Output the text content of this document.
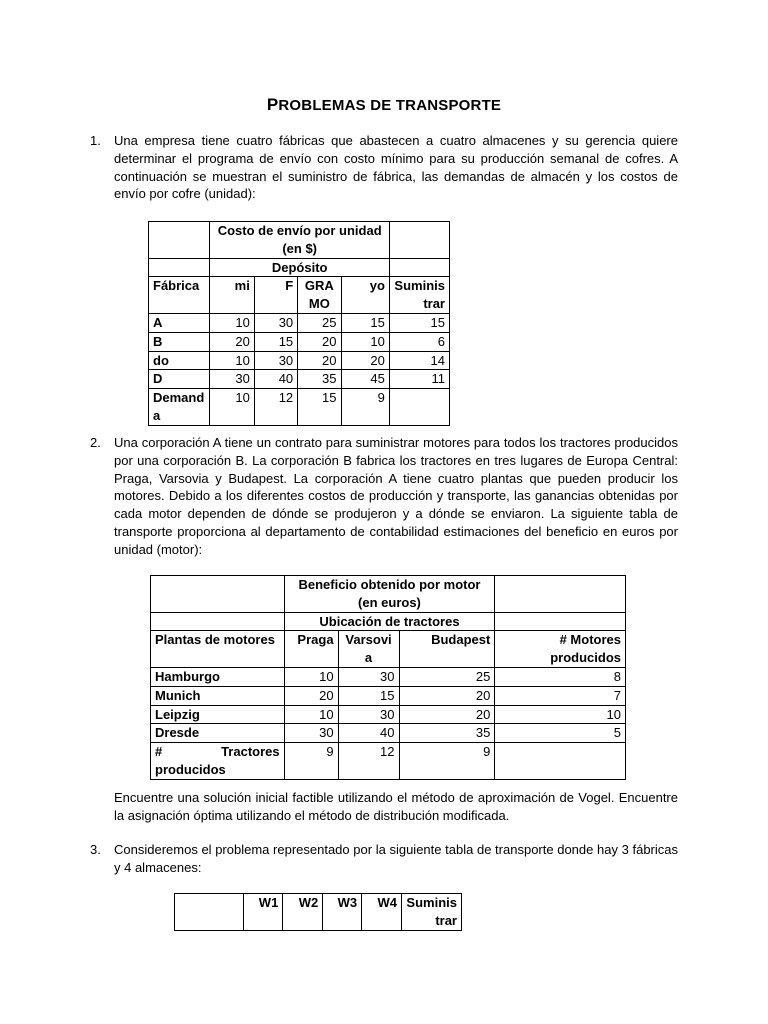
PROBLEMAS DE TRANSPORTE
1. Una empresa tiene cuatro fábricas que abastecen a cuatro almacenes y su gerencia quiere determinar el programa de envío con costo mínimo para su producción semanal de cofres. A continuación se muestran el suministro de fábrica, las demandas de almacén y los costos de envío por cofre (unidad):
	Costo de envío por unidad (en $)				
	Depósito				
Fábrica	mi	F	GRA MO	yo	Suminis trar
A	10	30	25	15	15
B	20	15	20	10	6
do	10	30	20	20	14
D	30	40	35	45	11
Demand a	10	12	15	9	
2. Una corporación A tiene un contrato para suministrar motores para todos los tractores producidos por una corporación B. La corporación B fabrica los tractores en tres lugares de Europa Central: Praga, Varsovia y Budapest. La corporación A tiene cuatro plantas que pueden producir los motores. Debido a los diferentes costos de producción y transporte, las ganancias obtenidas por cada motor dependen de dónde se produjeron y a dónde se enviaron. La siguiente tabla de transporte proporciona al departamento de contabilidad estimaciones del beneficio en euros por unidad (motor):
	Beneficio obtenido por motor (en euros)			
	Ubicación de tractores			
Plantas de motores	Praga	Varsovi a	Budapest	# Motores producidos
Hamburgo	10	30	25	8
Munich	20	15	20	7
Leipzig	10	30	20	10
Dresde	30	40	35	5

# Tractores
producidos	9	12	9	
Encuentre una solución inicial factible utilizando el método de aproximación de Vogel. Encuentre la asignación óptima utilizando el método de distribución modificada.
3. Consideremos el problema representado por la siguiente tabla de transporte donde hay 3 fábricas y 4 almacenes:
	W1	W2	W3	W4	Suminis trar
